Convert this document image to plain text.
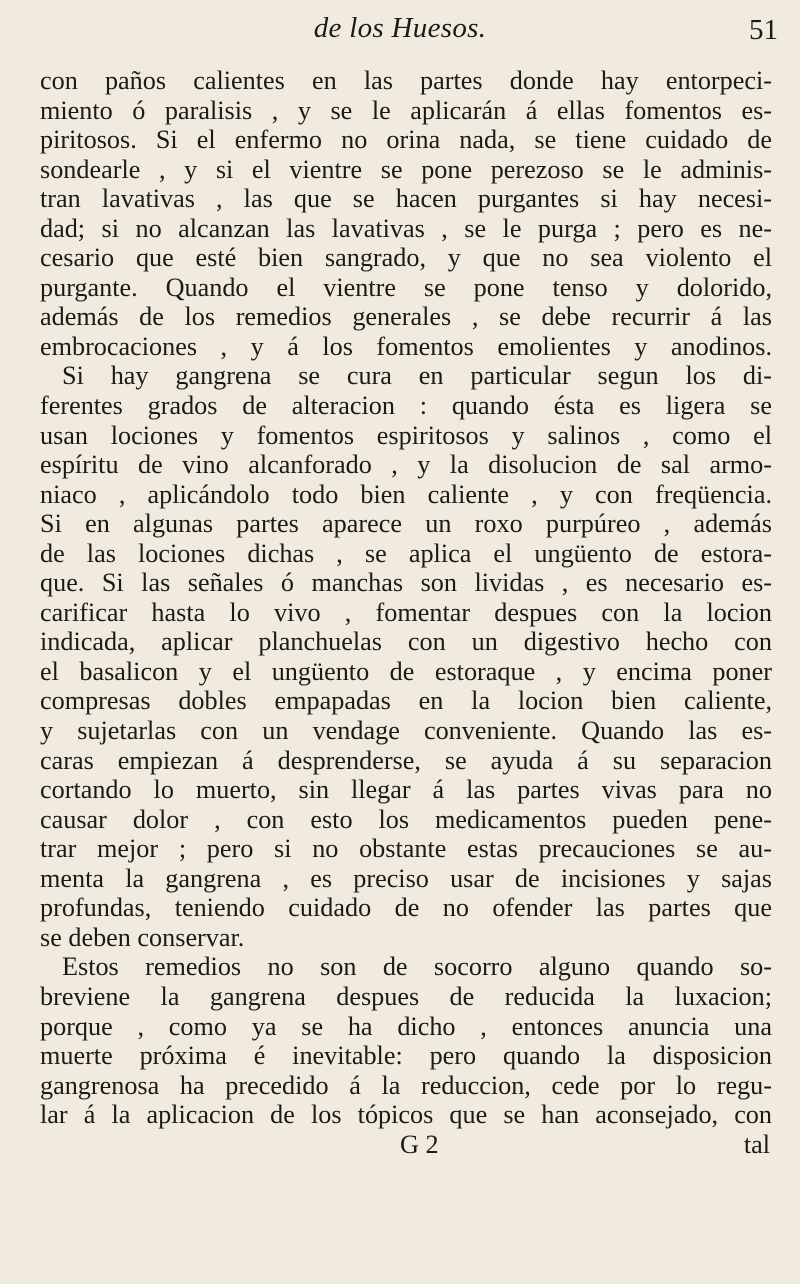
de los Huesos.	51
con paños calientes en las partes donde hay entorpeci-
miento ó paralisis , y se le aplicarán á ellas fomentos es-
piritosos. Si el enfermo no orina nada, se tiene cuidado de
sondearle , y si el vientre se pone perezoso se le adminis-
tran lavativas , las que se hacen purgantes si hay necesi-
dad; si no alcanzan las lavativas , se le purga ; pero es ne-
cesario que esté bien sangrado, y que no sea violento el
purgante. Quando el vientre se pone tenso y dolorido,
además de los remedios generales , se debe recurrir á las
embrocaciones , y á los fomentos emolientes y anodinos.
Si hay gangrena se cura en particular segun los di-
ferentes grados de alteracion : quando ésta es ligera se
usan lociones y fomentos espiritosos y salinos , como el
espíritu de vino alcanforado , y la disolucion de sal armo-
niaco , aplicándolo todo bien caliente , y con freqüencia.
Si en algunas partes aparece un roxo purpúreo , además
de las lociones dichas , se aplica el ungüento de estora-
que. Si las señales ó manchas son lividas , es necesario es-
carificar hasta lo vivo , fomentar despues con la locion
indicada, aplicar planchuelas con un digestivo hecho con
el basalicon y el ungüento de estoraque , y encima poner
compresas dobles empapadas en la locion bien caliente,
y sujetarlas con un vendage conveniente. Quando las es-
caras empiezan á desprenderse, se ayuda á su separacion
cortando lo muerto, sin llegar á las partes vivas para no
causar dolor , con esto los medicamentos pueden pene-
trar mejor ; pero si no obstante estas precauciones se au-
menta la gangrena , es preciso usar de incisiones y sajas
profundas, teniendo cuidado de no ofender las partes que
se deben conservar.
Estos remedios no son de socorro alguno quando so-
breviene la gangrena despues de reducida la luxacion;
porque , como ya se ha dicho , entonces anuncia una
muerte próxima é inevitable: pero quando la disposicion
gangrenosa ha precedido á la reduccion, cede por lo regu-
lar á la aplicacion de los tópicos que se han aconsejado, con
G 2	tal
